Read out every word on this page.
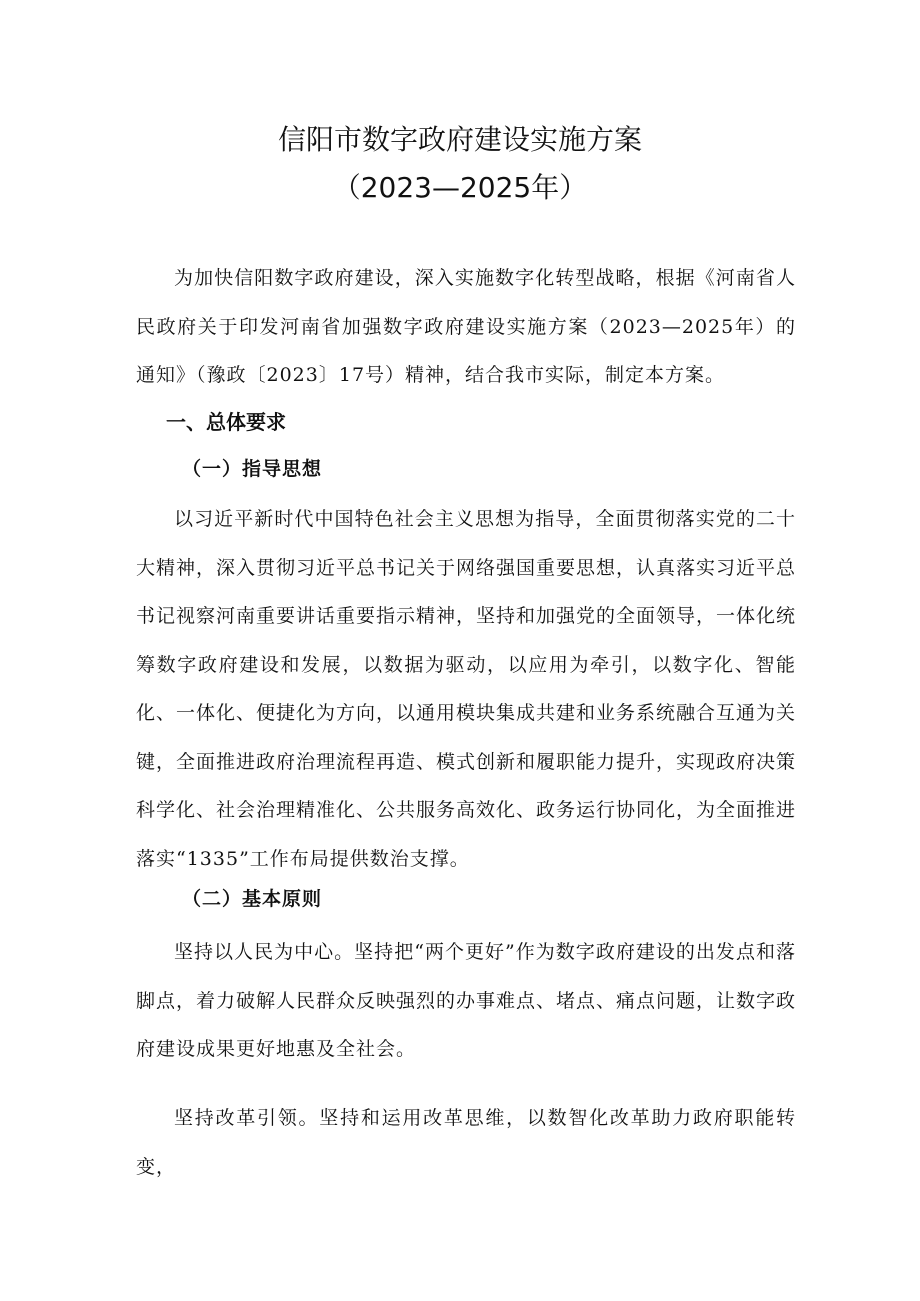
信阳市数字政府建设实施方案
（2023—2025年）

为加快信阳数字政府建设，深入实施数字化转型战略，根据《河南省人民政府关于印发河南省加强数字政府建设实施方案（2023—2025年）的通知》（豫政〔2023〕17号）精神，结合我市实际，制定本方案。

一、总体要求
（一）指导思想

以习近平新时代中国特色社会主义思想为指导，全面贯彻落实党的二十大精神，深入贯彻习近平总书记关于网络强国重要思想，认真落实习近平总书记视察河南重要讲话重要指示精神，坚持和加强党的全面领导，一体化统筹数字政府建设和发展，以数据为驱动，以应用为牵引，以数字化、智能化、一体化、便捷化为方向，以通用模块集成共建和业务系统融合互通为关键，全面推进政府治理流程再造、模式创新和履职能力提升，实现政府决策科学化、社会治理精准化、公共服务高效化、政务运行协同化，为全面推进落实“1335”工作布局提供数治支撑。

（二）基本原则

坚持以人民为中心。坚持把“两个更好”作为数字政府建设的出发点和落脚点，着力破解人民群众反映强烈的办事难点、堵点、痛点问题，让数字政府建设成果更好地惠及全社会。

坚持改革引领。坚持和运用改革思维，以数智化改革助力政府职能转变，
